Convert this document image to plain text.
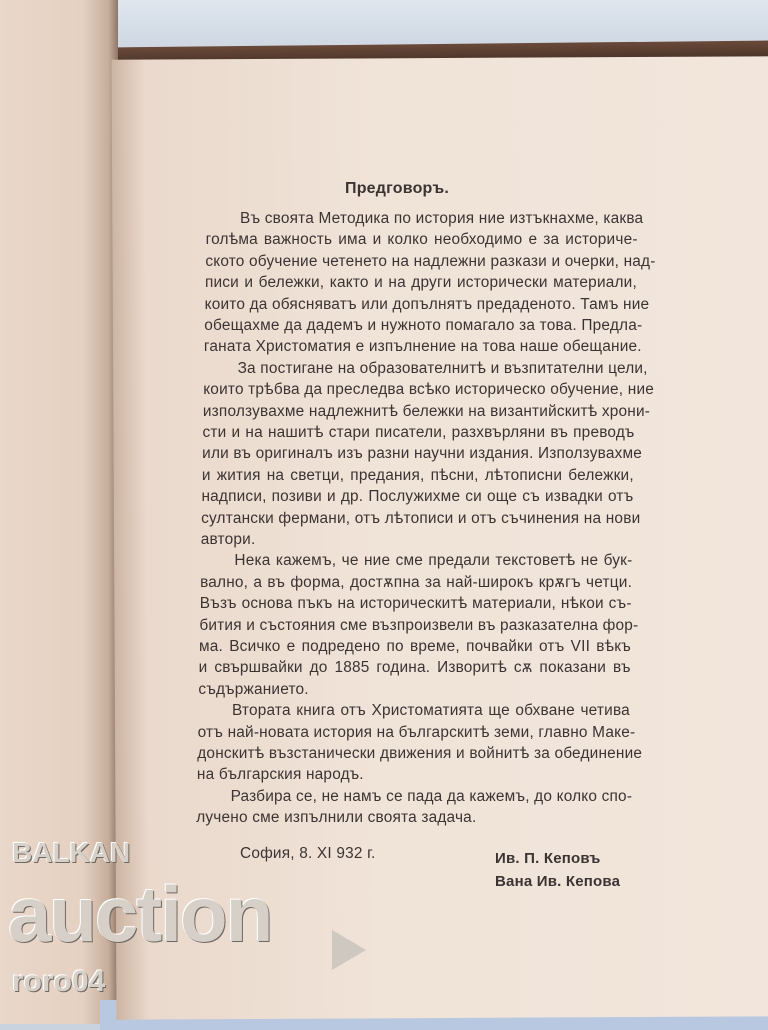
Предговоръ.
Въ своята Методика по история ние изтъкнахме, каква
голѣма важность има и колко необходимо е за историче-
ското обучение четенето на надлежни разкази и очерки, над-
писи и бележки, както и на други исторически материали,
които да обясняватъ или допълнятъ предаденото. Тамъ ние
обещахме да дадемъ и нужното помагало за това. Предла-
ганата Христоматия е изпълнение на това наше обещание.
За постигане на образователнитѣ и възпитателни цели,
които трѣбва да преследва всѣко историческо обучение, ние
използувахме надлежнитѣ бележки на византийскитѣ хрони-
сти и на нашитѣ стари писатели, разхвърляни въ преводъ
или въ оригиналъ изъ разни научни издания. Използувахме
и жития на светци, предания, пѣсни, лѣтописни бележки,
надписи, позиви и др. Послужихме си още съ извадки отъ
султански фермани, отъ лѣтописи и отъ съчинения на нови
автори.
Нека кажемъ, че ние сме предали текстоветѣ не бук-
вално, а въ форма, достѫпна за най-широкъ крѫгъ четци.
Възъ основа пъкъ на историческитѣ материали, нѣкои съ-
бития и състояния сме възпроизвели въ разказателна фор-
ма. Всичко е подредено по време, почвайки отъ VII вѣкъ
и свършвайки до 1885 година. Изворитѣ сѫ показани въ
съдържанието.
Втората книга отъ Христоматията ще обхване четива
отъ най-новата история на българскитѣ земи, главно Маке-
донскитѣ възстанически движения и войнитѣ за обединение
на българския народъ.
Разбира се, не намъ се пада да кажемъ, до колко спо-
лучено сме изпълнили своята задача.
София, 8. XI 932 г.	Ив. П. Кеповъ
Вана Ив. Кепова
BALKAN
auction
roro04
